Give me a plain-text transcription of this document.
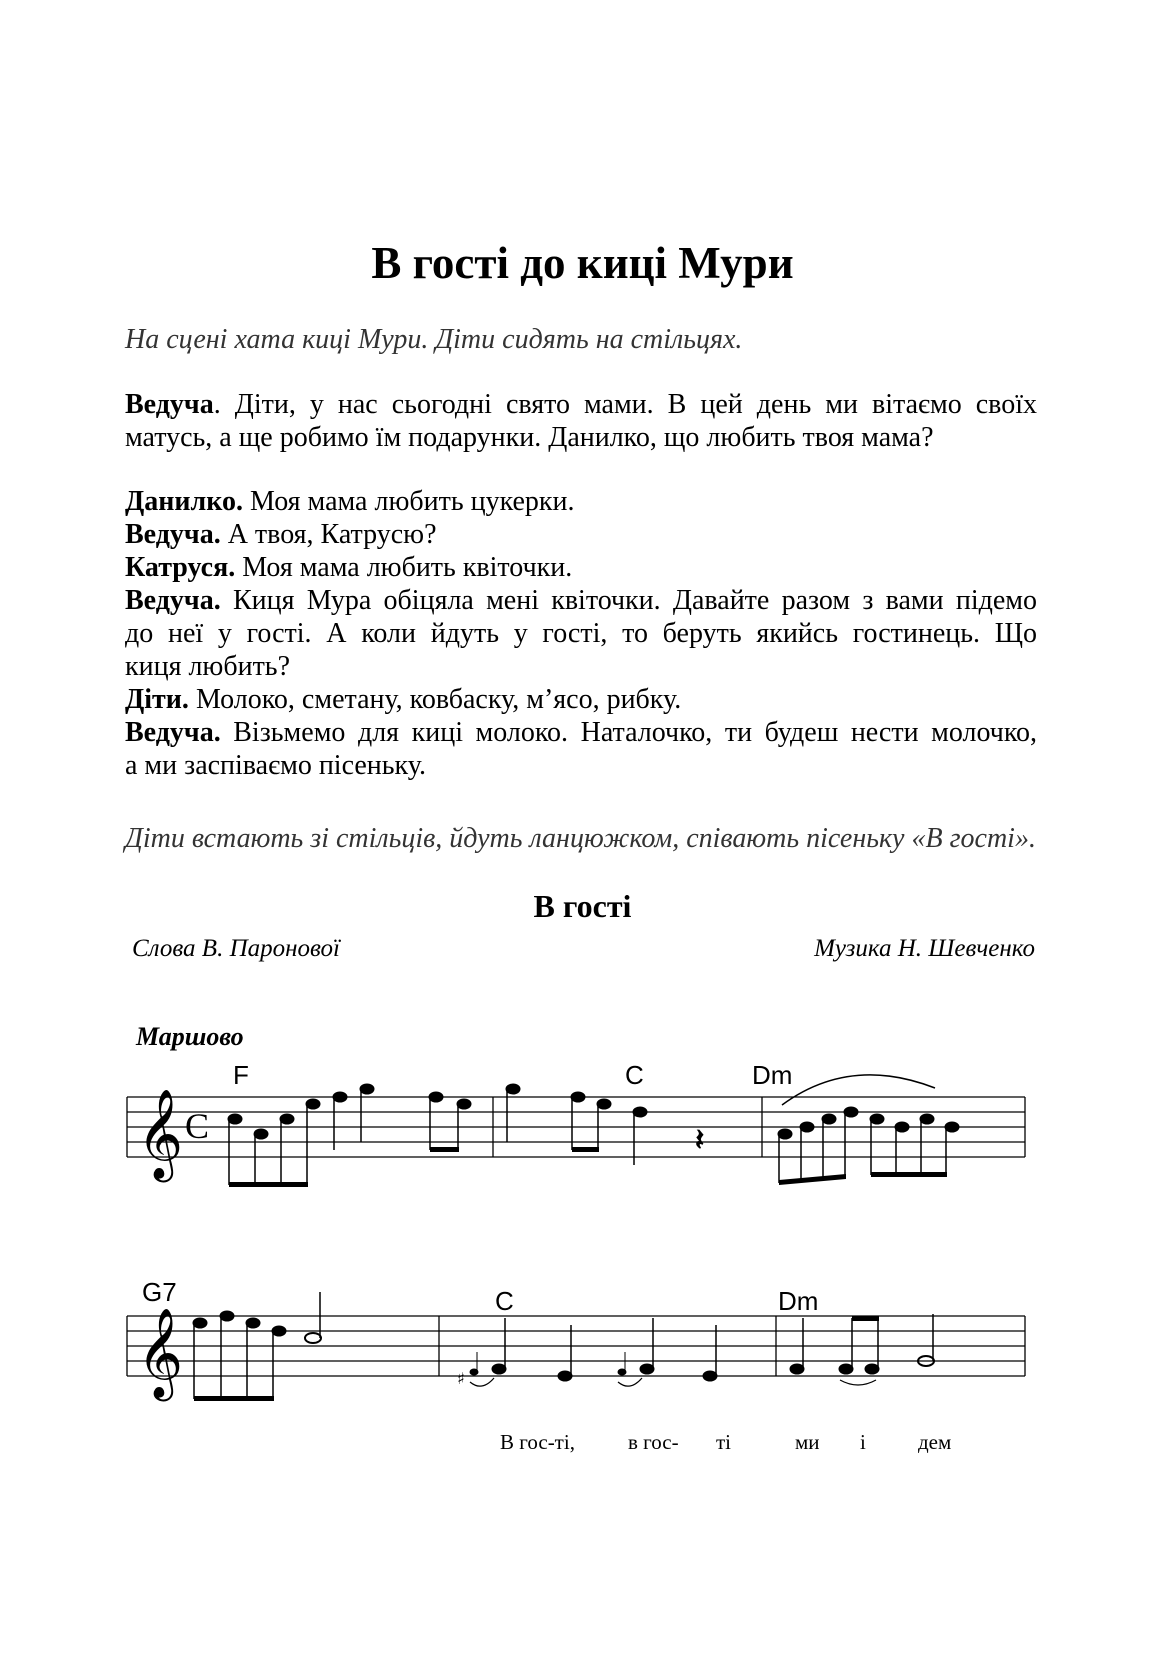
В гості до киці Мури

На сцені хата киці Мури. Діти сидять на стільцях.

Ведуча. Діти, у нас сьогодні свято мами. В цей день ми вітаємо своїх
матусь, а ще робимо їм подарунки. Данилко, що любить твоя мама?
Данилко. Моя мама любить цукерки.
Ведуча. А твоя, Катрусю?
Катруся. Моя мама любить квіточки.
Ведуча. Киця Мура обіцяла мені квіточки. Давайте разом з вами підемо
до неї у гості. А коли йдуть у гості, то беруть якийсь гостинець. Що
киця любить?
Діти. Молоко, сметану, ковбаску, м’ясо, рибку.
Ведуча. Візьмемо для киці молоко. Наталочко, ти будеш нести молочко,
а ми заспіваємо пісеньку.

Діти встають зі стільців, йдуть ланцюжком, співають пісеньку «В гості».

В гості
Слова В. Паронової	Музика Н. Шевченко
Маршово
F	C	Dm
G7	C	Dm
𝄞 C	𝄽
𝄞	♯
В гос-ті,	в гос- ті	ми і дем
